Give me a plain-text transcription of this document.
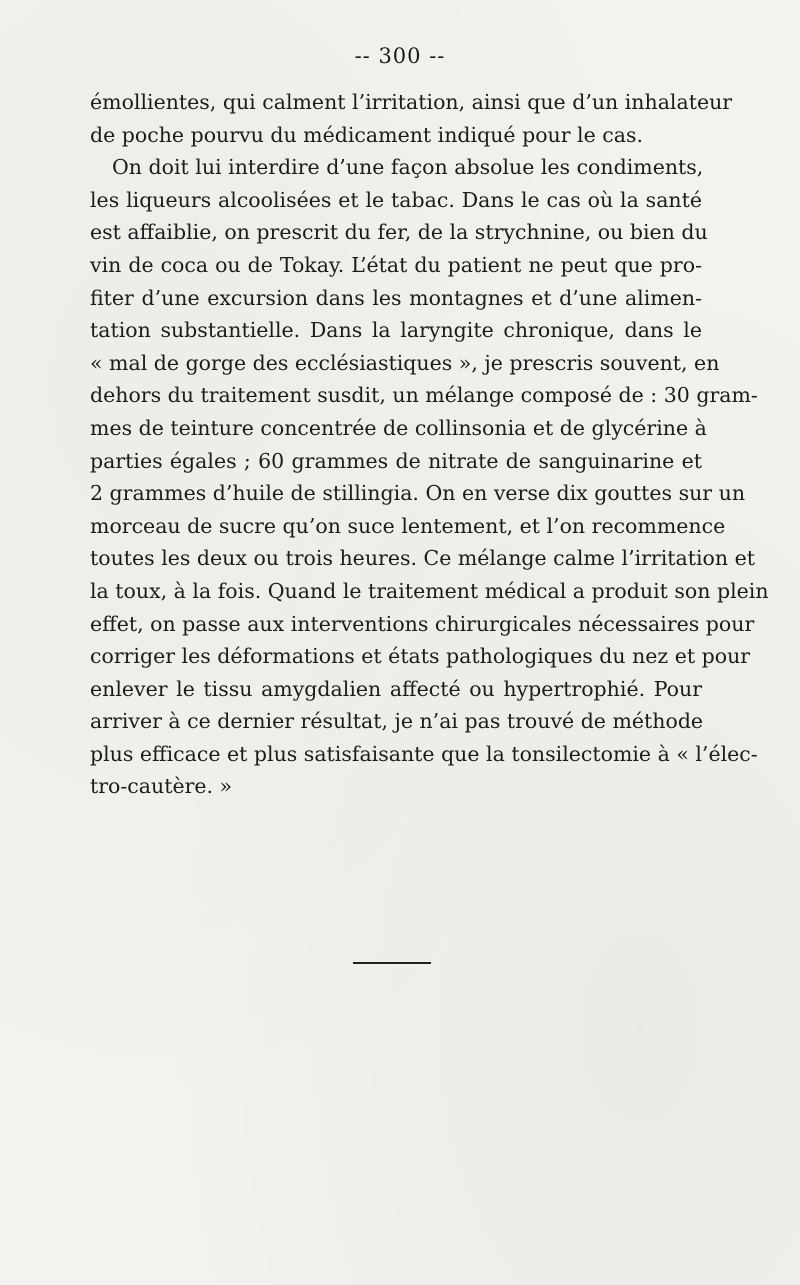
-- 300 --
émollientes, qui calment l’irritation, ainsi que d’un inhalateur
de poche pourvu du médicament indiqué pour le cas.
On doit lui interdire d’une façon absolue les condiments,
les liqueurs alcoolisées et le tabac. Dans le cas où la santé
est affaiblie, on prescrit du fer, de la strychnine, ou bien du
vin de coca ou de Tokay. L’état du patient ne peut que pro-
fiter d’une excursion dans les montagnes et d’une alimen-
tation substantielle. Dans la laryngite chronique, dans le
« mal de gorge des ecclésiastiques », je prescris souvent, en
dehors du traitement susdit, un mélange composé de : 30 gram-
mes de teinture concentrée de collinsonia et de glycérine à
parties égales ; 60 grammes de nitrate de sanguinarine et
2 grammes d’huile de stillingia. On en verse dix gouttes sur un
morceau de sucre qu’on suce lentement, et l’on recommence
toutes les deux ou trois heures. Ce mélange calme l’irritation et
la toux, à la fois. Quand le traitement médical a produit son plein
effet, on passe aux interventions chirurgicales nécessaires pour
corriger les déformations et états pathologiques du nez et pour
enlever le tissu amygdalien affecté ou hypertrophié. Pour
arriver à ce dernier résultat, je n’ai pas trouvé de méthode
plus efficace et plus satisfaisante que la tonsilectomie à « l’élec-
tro-cautère. »
